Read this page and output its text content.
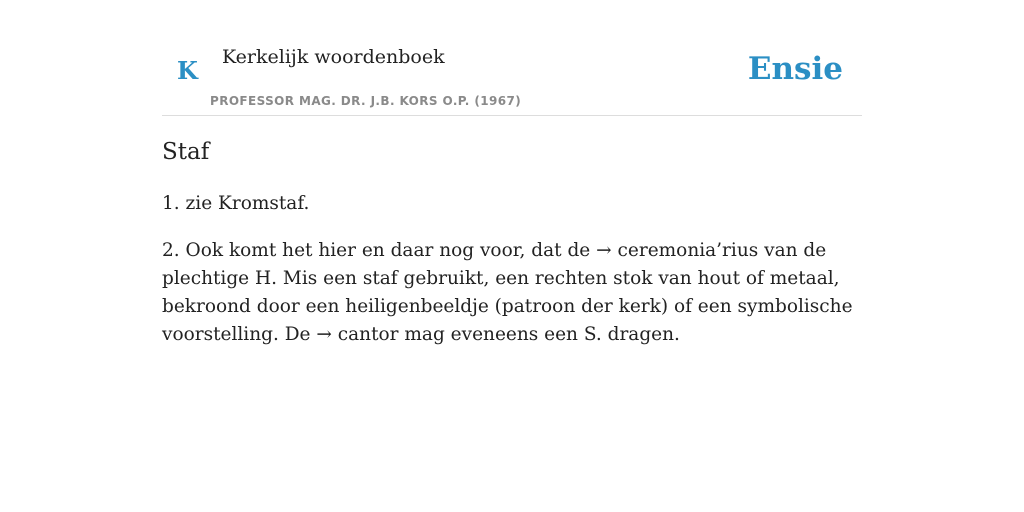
K Kerkelijk woordenboek
PROFESSOR MAG. DR. J.B. KORS O.P. (1967)
Ensie
Staf

1. zie Kromstaf.

2. Ook komt het hier en daar nog voor, dat de → ceremonia’rius van de plechtige H. Mis een staf gebruikt, een rechten stok van hout of metaal, bekroond door een heiligenbeeldje (patroon der kerk) of een symbolische voorstelling. De → cantor mag eveneens een S. dragen.
